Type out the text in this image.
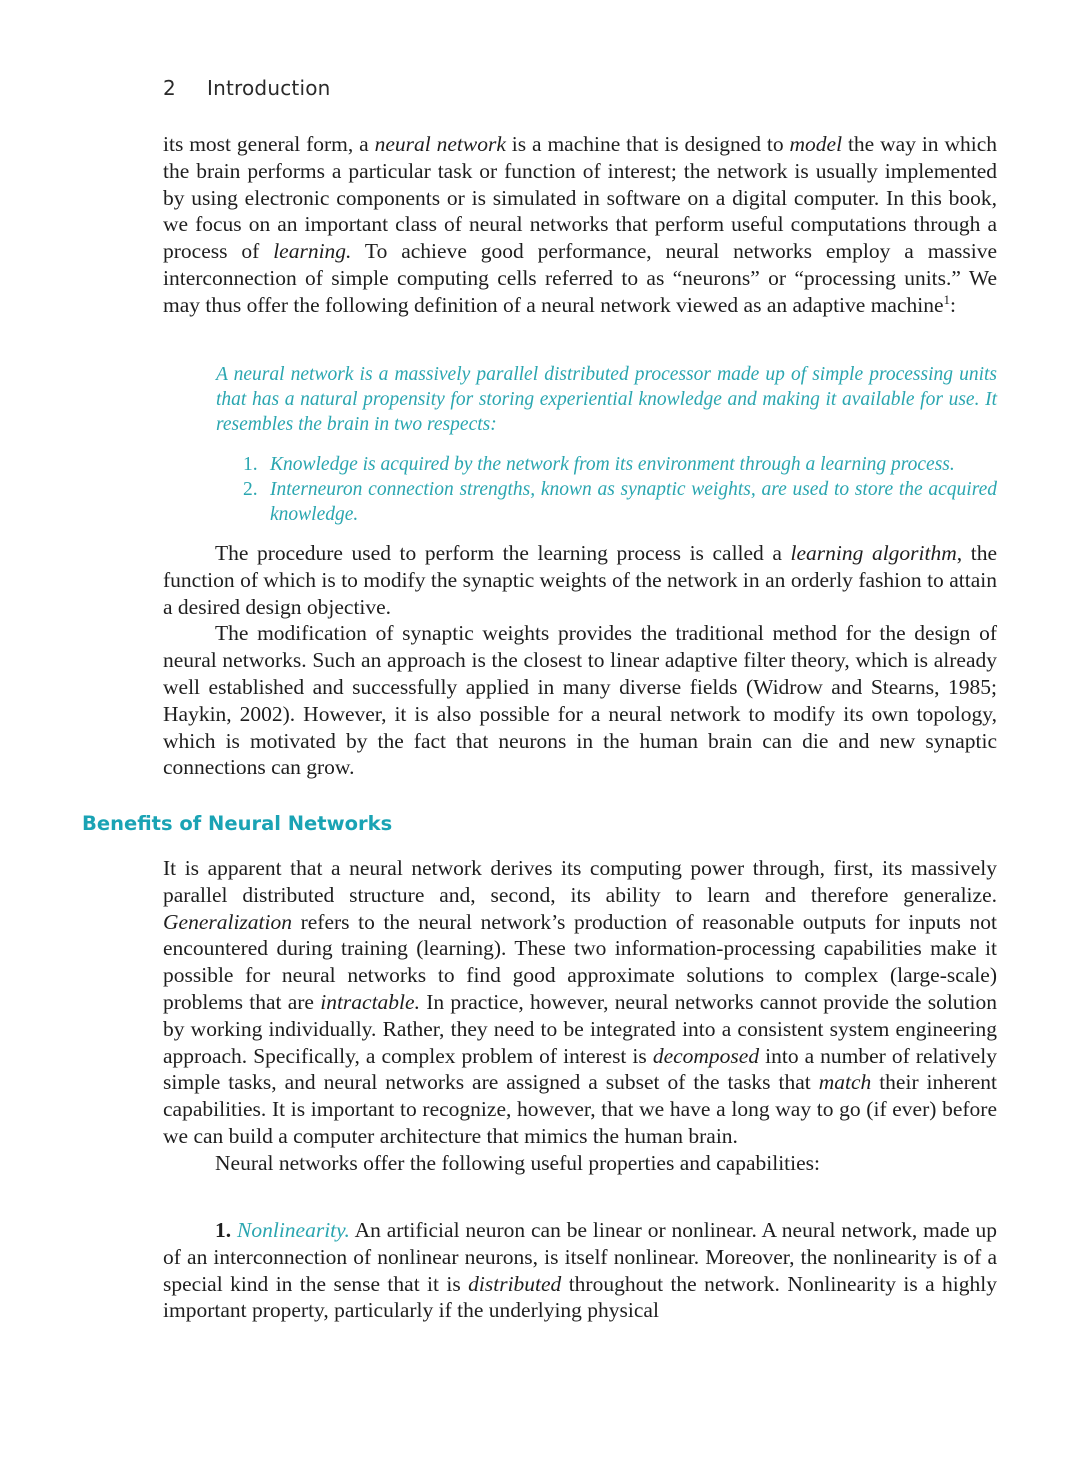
2 Introduction

its most general form, a neural network is a machine that is designed to model the way in which the brain performs a particular task or function of interest; the network is usually implemented by using electronic components or is simulated in software on a digital computer. In this book, we focus on an important class of neural networks that perform useful computations through a process of learning. To achieve good performance, neural networks employ a massive interconnection of simple computing cells referred to as “neurons” or “processing units.” We may thus offer the following definition of a neural network viewed as an adaptive machine$^1$:

A neural network is a massively parallel distributed processor made up of simple processing units that has a natural propensity for storing experiential knowledge and making it available for use. It resembles the brain in two respects:
1. Knowledge is acquired by the network from its environment through a learning process.
2. Interneuron connection strengths, known as synaptic weights, are used to store the acquired knowledge.

The procedure used to perform the learning process is called a learning algorithm, the function of which is to modify the synaptic weights of the network in an orderly fashion to attain a desired design objective.

The modification of synaptic weights provides the traditional method for the design of neural networks. Such an approach is the closest to linear adaptive filter theory, which is already well established and successfully applied in many diverse fields (Widrow and Stearns, 1985; Haykin, 2002). However, it is also possible for a neural network to modify its own topology, which is motivated by the fact that neurons in the human brain can die and new synaptic connections can grow.

Benefits of Neural Networks

It is apparent that a neural network derives its computing power through, first, its massively parallel distributed structure and, second, its ability to learn and therefore generalize. Generalization refers to the neural network’s production of reasonable outputs for inputs not encountered during training (learning). These two information-processing capabilities make it possible for neural networks to find good approximate solutions to complex (large-scale) problems that are intractable. In practice, however, neural networks cannot provide the solution by working individually. Rather, they need to be integrated into a consistent system engineering approach. Specifically, a complex problem of interest is decomposed into a number of relatively simple tasks, and neural networks are assigned a subset of the tasks that match their inherent capabilities. It is important to recognize, however, that we have a long way to go (if ever) before we can build a computer architecture that mimics the human brain.

Neural networks offer the following useful properties and capabilities:

1. Nonlinearity. An artificial neuron can be linear or nonlinear. A neural network, made up of an interconnection of nonlinear neurons, is itself nonlinear. Moreover, the nonlinearity is of a special kind in the sense that it is distributed throughout the network. Nonlinearity is a highly important property, particularly if the underlying physical
